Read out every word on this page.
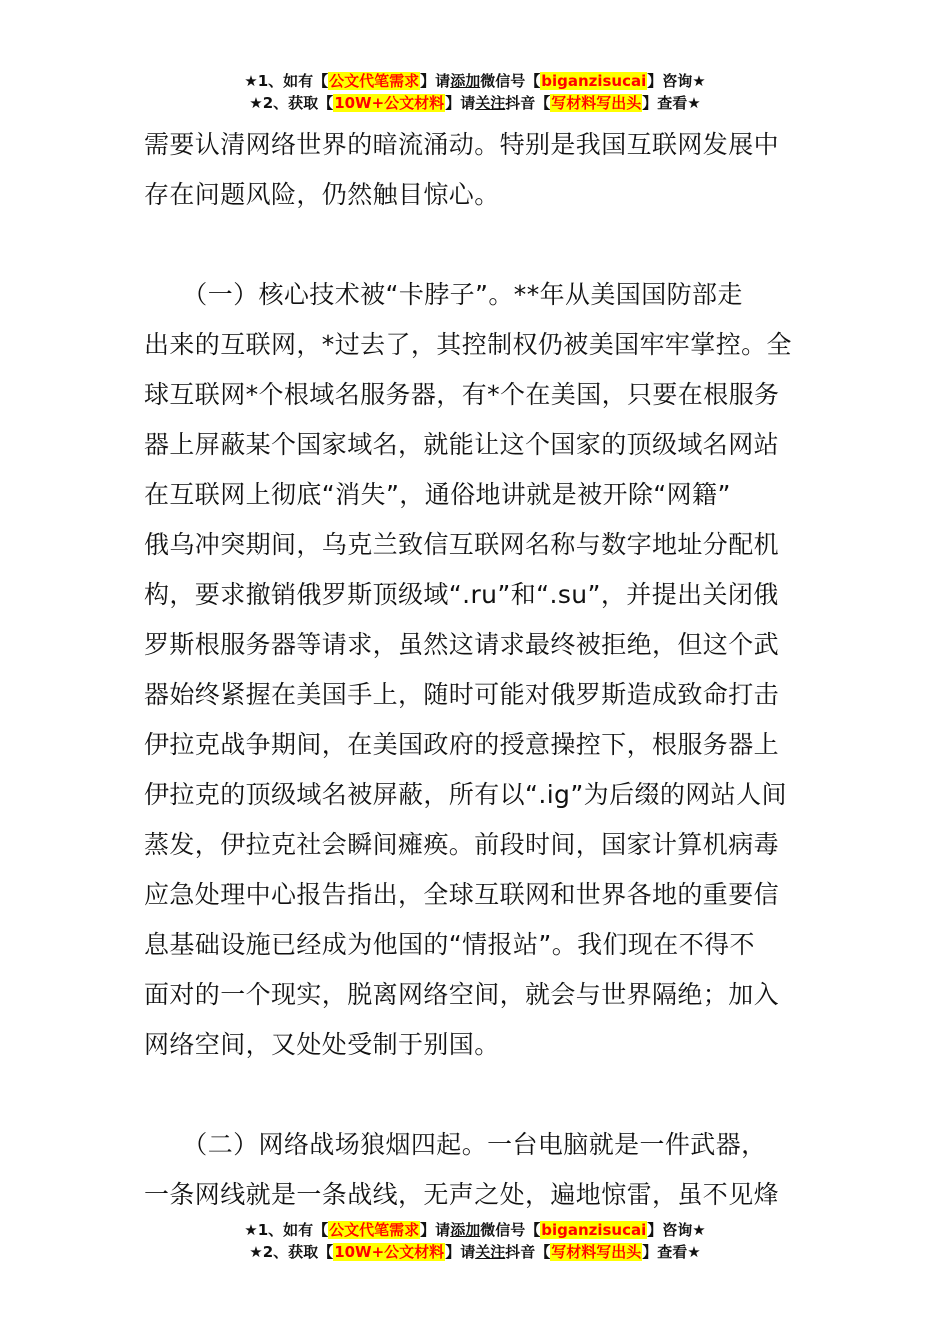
★1、如有【公文代笔需求】请添加微信号【biganzisucai】咨询★
★2、获取【10W+公文材料】请关注抖音【写材料写出头】查看★

需要认清网络世界的暗流涌动。特别是我国互联网发展中

存在问题风险，仍然触目惊心。

　　（一）核心技术被“卡脖子”。**年从美国国防部走

出来的互联网，*过去了，其控制权仍被美国牢牢掌控。全

球互联网*个根域名服务器，有*个在美国，只要在根服务

器上屏蔽某个国家域名，就能让这个国家的顶级域名网站

在互联网上彻底“消失”，通俗地讲就是被开除“网籍”

俄乌冲突期间，乌克兰致信互联网名称与数字地址分配机

构，要求撤销俄罗斯顶级域“.ru”和“.su”，并提出关闭俄

罗斯根服务器等请求，虽然这请求最终被拒绝，但这个武

器始终紧握在美国手上，随时可能对俄罗斯造成致命打击

伊拉克战争期间，在美国政府的授意操控下，根服务器上

伊拉克的顶级域名被屏蔽，所有以“.ig”为后缀的网站人间

蒸发，伊拉克社会瞬间瘫痪。前段时间，国家计算机病毒

应急处理中心报告指出，全球互联网和世界各地的重要信

息基础设施已经成为他国的“情报站”。我们现在不得不

面对的一个现实，脱离网络空间，就会与世界隔绝；加入

网络空间，又处处受制于别国。

　　（二）网络战场狼烟四起。一台电脑就是一件武器，

一条网线就是一条战线，无声之处，遍地惊雷，虽不见烽

★1、如有【公文代笔需求】请添加微信号【biganzisucai】咨询★
★2、获取【10W+公文材料】请关注抖音【写材料写出头】查看★
